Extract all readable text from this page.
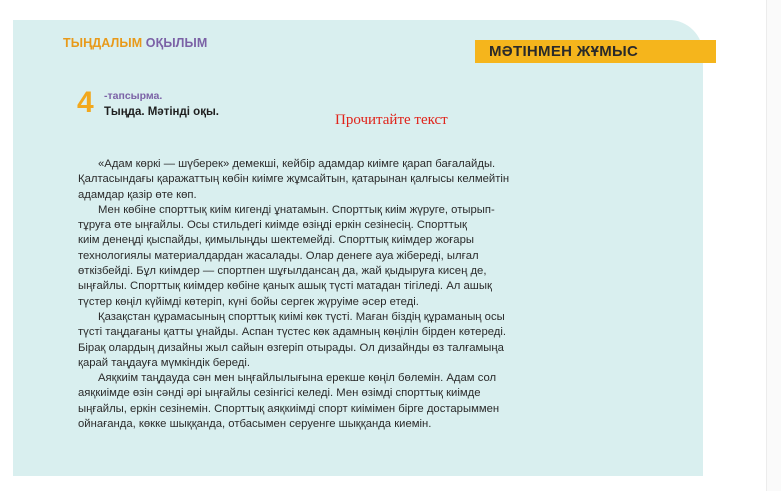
ТЫҢДАЛЫМ ОҚЫЛЫМ	МӘТІНМЕН ЖҰМЫС
4 -тапсырма.
Тыңда. Мәтінді оқы.	Прочитайте текст
«Адам көркі — шүберек» демекші, кейбір адамдар киімге қарап бағалайды.
Қалтасындағы қаражаттың көбін киімге жұмсайтын, қатарынан қалғысы келмейтін
адамдар қазір өте көп.
Мен көбіне спорттық киім кигенді ұнатамын. Спорттық киім жүруге, отырып-
тұруға өте ыңғайлы. Осы стильдегі киімде өзіңді еркін сезінесің. Спорттық
киім денеңді қыспайды, қимылыңды шектемейді. Спорттық киімдер жоғары
технологиялы материалдардан жасалады. Олар денеге ауа жібереді, ылғал
өткізбейді. Бұл киімдер — спортпен шұғылдансаң да, жай қыдыруға кисең де,
ыңғайлы. Спорттық киімдер көбіне қаныҡ ашық түсті матадан тігіледі. Ал ашық
түстер көңіл күйімді көтеріп, күні бойы сергек жүруіме әсер етеді.
Қазақстан құрамасының спорттық киімі көк түсті. Маған біздің құраманың осы
түсті таңдағаны қатты ұнайды. Аспан түстес көк адамның көңілін бірден көтереді.
Бірақ олардың дизайны жыл сайын өзгеріп отырады. Ол дизайнды өз талғамыңа
қарай таңдауға мүмкіндік береді.
Аяқкиім таңдауда сән мен ыңғайлылығына ерекше көңіл бөлемін. Адам сол
аяқкиімде өзін сәнді әрі ыңғайлы сезінгісі келеді. Мен өзімді спорттық киімде
ыңғайлы, еркін сезінемін. Спорттық аяқкиімді спорт киімімен бірге достарыммен
ойнағанда, көкке шыққанда, отбасымен серуенге шыққанда киемін.
